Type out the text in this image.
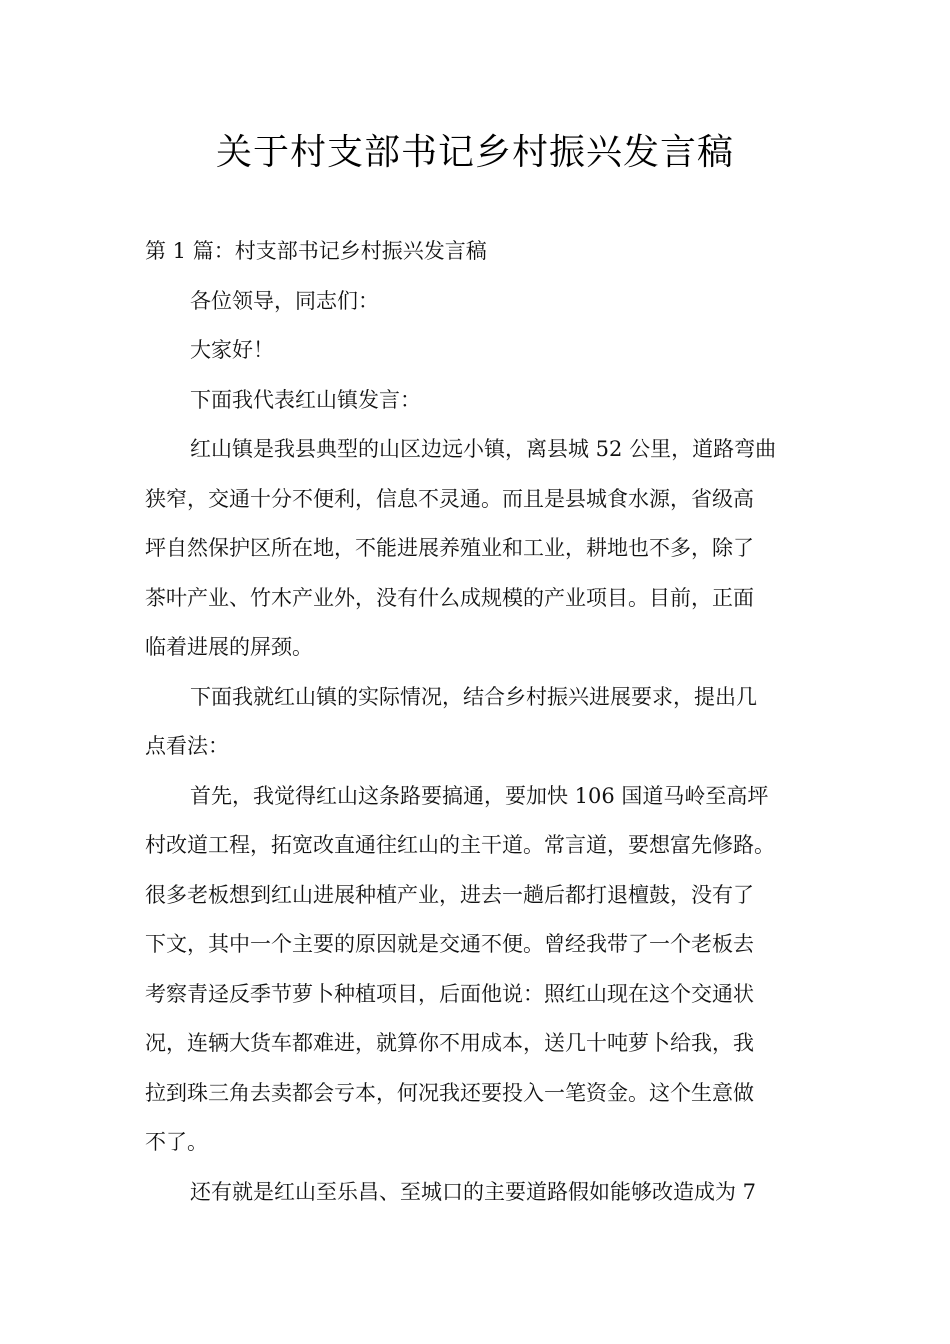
关于村支部书记乡村振兴发言稿
第 1 篇：村支部书记乡村振兴发言稿
各位领导，同志们：
大家好！
下面我代表红山镇发言：
红山镇是我县典型的山区边远小镇，离县城 52 公里，道路弯曲
狭窄，交通十分不便利，信息不灵通。而且是县城食水源，省级高
坪自然保护区所在地，不能进展养殖业和工业，耕地也不多，除了
茶叶产业、竹木产业外，没有什么成规模的产业项目。目前，正面
临着进展的屏颈。
下面我就红山镇的实际情况，结合乡村振兴进展要求，提出几
点看法：
首先，我觉得红山这条路要搞通，要加快 106 国道马岭至高坪
村改道工程，拓宽改直通往红山的主干道。常言道，要想富先修路。
很多老板想到红山进展种植产业，进去一趟后都打退檀鼓，没有了
下文，其中一个主要的原因就是交通不便。曾经我带了一个老板去
考察青迳反季节萝卜种植项目，后面他说：照红山现在这个交通状
况，连辆大货车都难进，就算你不用成本，送几十吨萝卜给我，我
拉到珠三角去卖都会亏本，何况我还要投入一笔资金。这个生意做
不了。
还有就是红山至乐昌、至城口的主要道路假如能够改造成为 7
